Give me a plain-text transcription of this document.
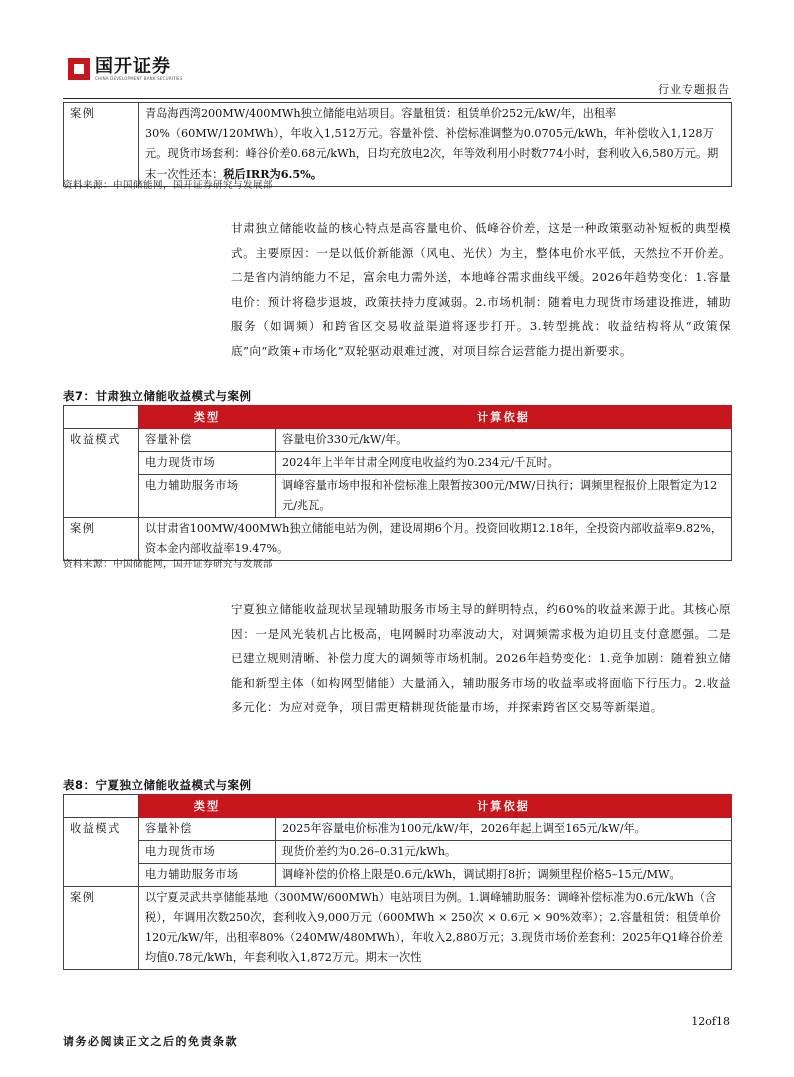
国开证券
CHINA DEVELOPMENT BANK SECURITIES
行业专题报告
案例	青岛海西湾200MW/400MWh独立储能电站项目。容量租赁：租赁单价252元/kW/年，出租率30%（60MW/120MWh），年收入1,512万元。容量补偿、补偿标准调整为0.0705元/kWh，年补偿收入1,128万元。现货市场套利：峰谷价差0.68元/kWh，日均充放电2次，年等效利用小时数774小时，套利收入6,580万元。期末一次性还本：税后IRR为6.5%。
资料来源：中国储能网，国开证券研究与发展部
甘肃独立储能收益的核心特点是高容量电价、低峰谷价差，这是一种政策驱动补短板的典型模式。主要原因：一是以低价新能源（风电、光伏）为主，整体电价水平低，天然拉不开价差。二是省内消纳能力不足，富余电力需外送，本地峰谷需求曲线平缓。2026年趋势变化：1.容量电价：预计将稳步退坡，政策扶持力度减弱。2.市场机制：随着电力现货市场建设推进，辅助服务（如调频）和跨省区交易收益渠道将逐步打开。3.转型挑战：收益结构将从“政策保底”向“政策+市场化”双轮驱动艰难过渡，对项目综合运营能力提出新要求。
表7：甘肃独立储能收益模式与案例
	类型	计算依据
收益模式	容量补偿	容量电价330元/kW/年。
	电力现货市场	2024年上半年甘肃全网度电收益约为0.234元/千瓦时。
	电力辅助服务市场	调峰容量市场申报和补偿标准上限暂按300元/MW/日执行；调频里程报价上限暂定为12元/兆瓦。
案例	以甘肃省100MW/400MWh独立储能电站为例，建设周期6个月。投资回收期12.18年，全投资内部收益率9.82%，资本金内部收益率19.47%。	
资料来源：中国储能网，国开证券研究与发展部
宁夏独立储能收益现状呈现辅助服务市场主导的鲜明特点，约60%的收益来源于此。其核心原因：一是风光装机占比极高，电网瞬时功率波动大，对调频需求极为迫切且支付意愿强。二是已建立规则清晰、补偿力度大的调频等市场机制。2026年趋势变化：1.竞争加剧：随着独立储能和新型主体（如构网型储能）大量涌入，辅助服务市场的收益率或将面临下行压力。2.收益多元化：为应对竞争，项目需更精耕现货能量市场，并探索跨省区交易等新渠道。
表8：宁夏独立储能收益模式与案例
	类型	计算依据
收益模式	容量补偿	2025年容量电价标准为100元/kW/年，2026年起上调至165元/kW/年。
	电力现货市场	现货价差约为0.26–0.31元/kWh。
	电力辅助服务市场	调峰补偿的价格上限是0.6元/kWh，调试期打8折；调频里程价格5–15元/MW。
案例	以宁夏灵武共享储能基地（300MW/600MWh）电站项目为例。1.调峰辅助服务：调峰补偿标准为0.6元/kWh（含税），年调用次数250次，套利收入9,000万元（600MWh × 250次 × 0.6元 × 90%效率）；2.容量租赁：租赁单价120元/kW/年，出租率80%（240MW/480MWh），年收入2,880万元；3.现货市场价差套利：2025年Q1峰谷价差均值0.78元/kWh，年套利收入1,872万元。期末一次性	
12of18
请务必阅读正文之后的免责条款
